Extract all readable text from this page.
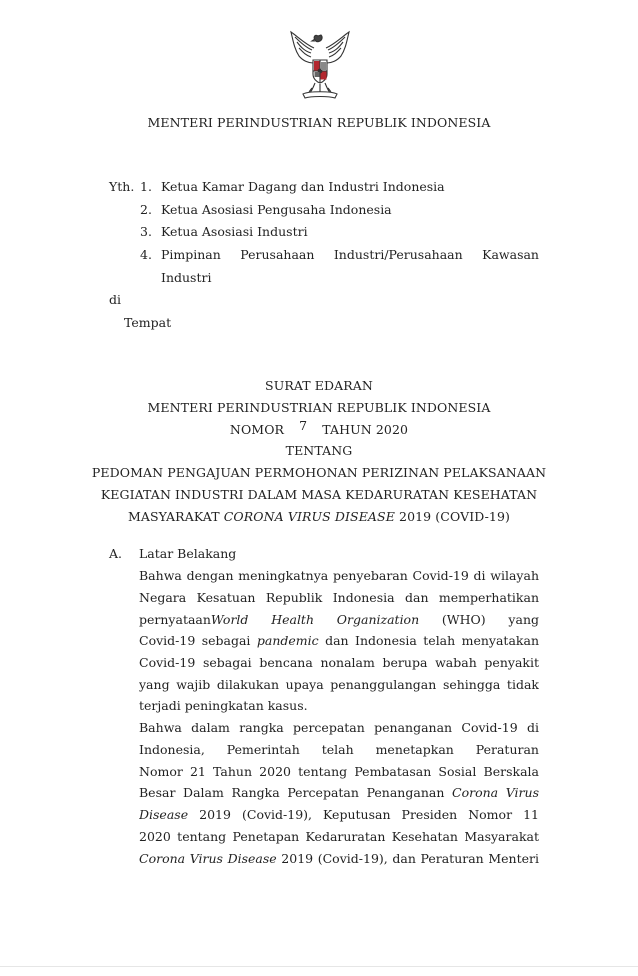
MENTERI PERINDUSTRIAN REPUBLIK INDONESIA
Yth. 1. Ketua Kamar Dagang dan Industri Indonesia
2. Ketua Asosiasi Pengusaha Indonesia
3. Ketua Asosiasi Industri
4. Pimpinan Perusahaan Industri/Perusahaan Kawasan
Industri
di
Tempat
SURAT EDARAN
MENTERI PERINDUSTRIAN REPUBLIK INDONESIA
NOMOR 7 TAHUN 2020
TENTANG
PEDOMAN PENGAJUAN PERMOHONAN PERIZINAN PELAKSANAAN
KEGIATAN INDUSTRI DALAM MASA KEDARURATAN KESEHATAN
MASYARAKAT CORONA VIRUS DISEASE 2019 (COVID-19)
A. Latar Belakang
Bahwa dengan meningkatnya penyebaran Covid-19 di wilayah
Negara Kesatuan Republik Indonesia dan memperhatikan
pernyataanWorld Health Organization (WHO) yang
Covid-19 sebagai pandemic dan Indonesia telah menyatakan
Covid-19 sebagai bencana nonalam berupa wabah penyakit
yang wajib dilakukan upaya penanggulangan sehingga tidak
terjadi peningkatan kasus.
Bahwa dalam rangka percepatan penanganan Covid-19 di
Indonesia, Pemerintah telah menetapkan Peraturan
Nomor 21 Tahun 2020 tentang Pembatasan Sosial Berskala
Besar Dalam Rangka Percepatan Penanganan Corona Virus
Disease 2019 (Covid-19), Keputusan Presiden Nomor 11
2020 tentang Penetapan Kedaruratan Kesehatan Masyarakat
Corona Virus Disease 2019 (Covid-19), dan Peraturan Menteri
